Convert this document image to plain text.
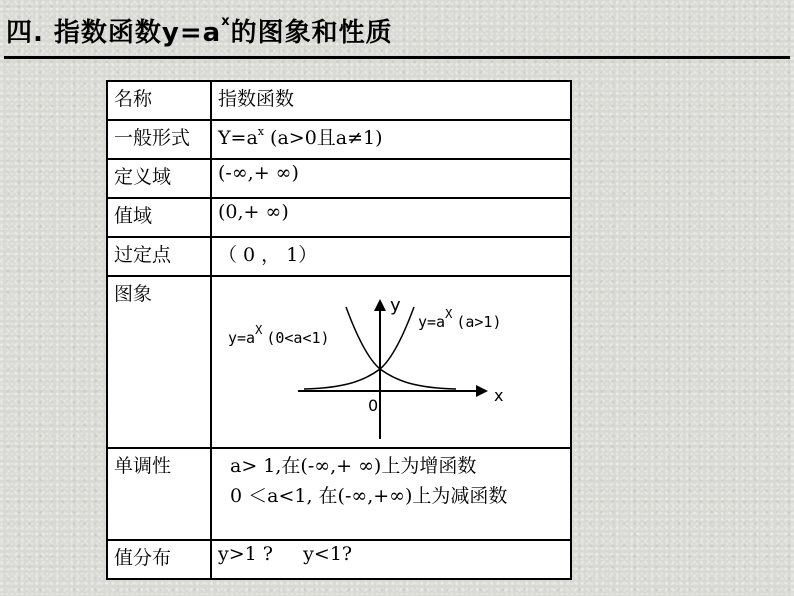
四. 指数函数$y=a^x$的图象和性质
名称	指数函数
一般形式	$Y=a^x$ (a>0且a≠1)
定义域	(-∞,+ ∞)
值域	(0,+ ∞)
过定点	（ 0 ， 1）
图象	y
x
0
$y=a^X$ (0<a<1)
$y=a^X$ (a>1)

单调性	a> 1,在(-∞,+ ∞)上为增函数
0 ＜a<1, 在(-∞,+∞)上为减函数

值分布	y>1 ?     y<1?
